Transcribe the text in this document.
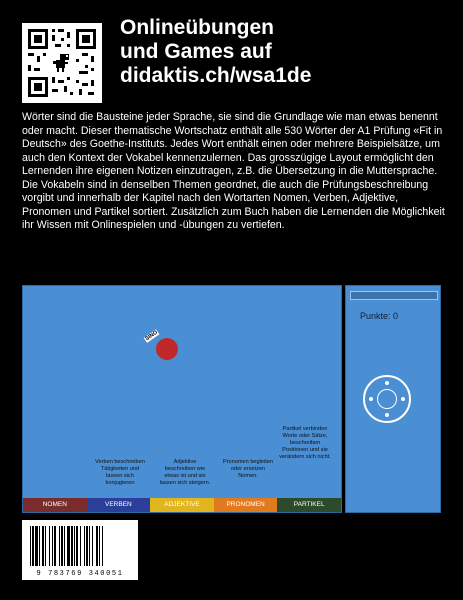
Onlineübungen
und Games auf
didaktis.ch/wsa1de

Wörter sind die Bausteine jeder Sprache, sie sind die Grundlage wie man etwas benennt oder macht. Dieser thematische Wortschatz enthält alle 530 Wörter der A1 Prüfung «Fit in Deutsch» des Goethe-Instituts. Jedes Wort enthält einen oder mehrere Beispielsätze, um auch den Kontext der Vokabel kennenzulernen. Das grosszügige Layout ermöglicht den Lernenden ihre eigenen Notizen einzutragen, z.B. die Übersetzung in die Muttersprache. Die Vokabeln sind in denselben Themen geordnet, die auch die Prüfungsbeschreibung vorgibt und innerhalb der Kapitel nach den Wortarten Nomen, Verben, Adjektive, Pronomen und Partikel sortiert. Zusätzlich zum Buch haben die Lernenden die Möglichkeit ihr Wissen mit Onlinespielen und -übungen zu vertiefen.

SINO
Verben beschreiben Tätigkeiten und lassen sich konjugieren
Adjektive beschreiben wie etwas ist und sie lassen sich steigern.
Pronomen begleiten oder ersetzen Nomen.
Partikel verbinden Worte oder Sätze, beschreiben Positionen und sie verändern sich nicht.
NOMEN	VERBEN	ADJEKTIVE	PRONOMEN	PARTIKEL
Punkte: 0
9 783769 340051
